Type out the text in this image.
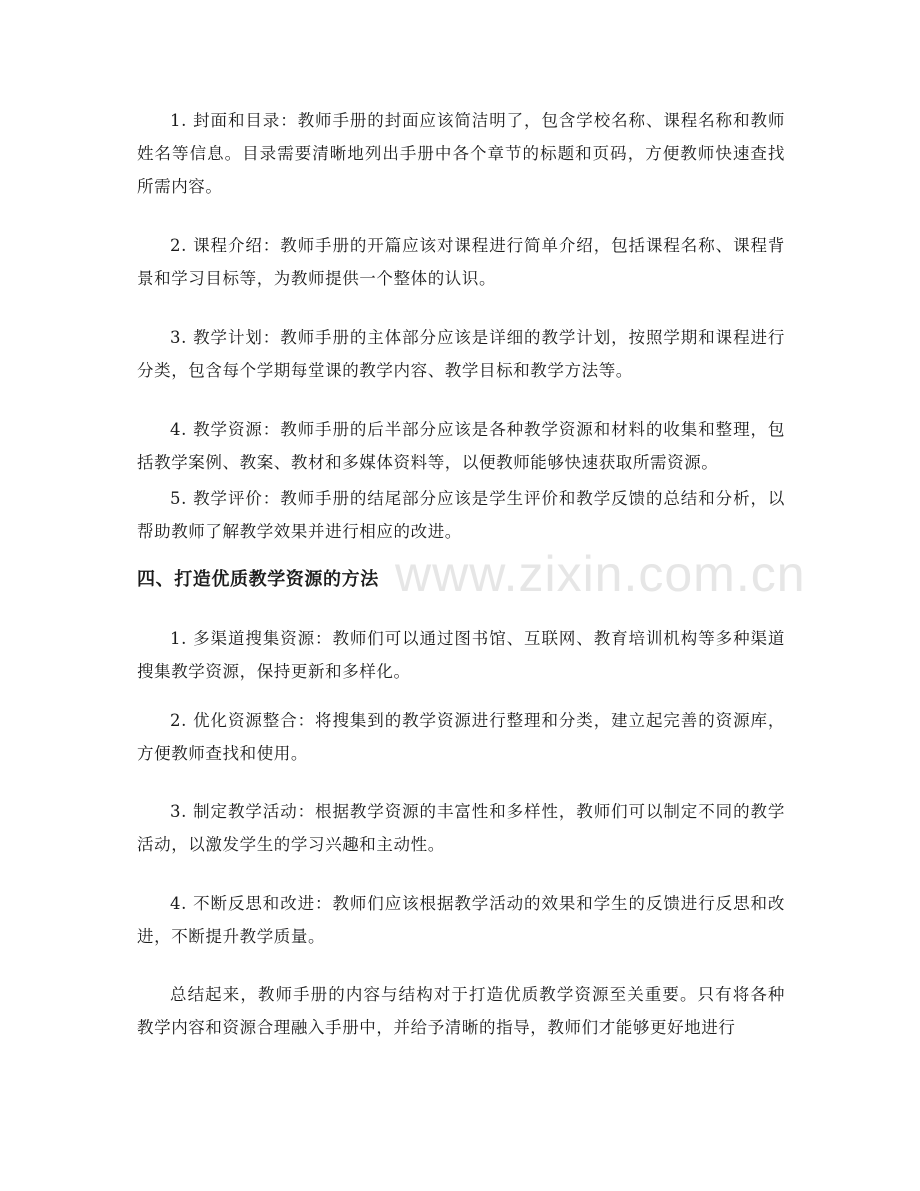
www.zixin.com.cn

1. 封面和目录：教师手册的封面应该简洁明了，包含学校名称、课程名称和教师姓名等信息。目录需要清晰地列出手册中各个章节的标题和页码，方便教师快速查找所需内容。

2. 课程介绍：教师手册的开篇应该对课程进行简单介绍，包括课程名称、课程背景和学习目标等，为教师提供一个整体的认识。

3. 教学计划：教师手册的主体部分应该是详细的教学计划，按照学期和课程进行分类，包含每个学期每堂课的教学内容、教学目标和教学方法等。

4. 教学资源：教师手册的后半部分应该是各种教学资源和材料的收集和整理，包括教学案例、教案、教材和多媒体资料等，以便教师能够快速获取所需资源。

5. 教学评价：教师手册的结尾部分应该是学生评价和教学反馈的总结和分析，以帮助教师了解教学效果并进行相应的改进。

四、打造优质教学资源的方法

1. 多渠道搜集资源：教师们可以通过图书馆、互联网、教育培训机构等多种渠道搜集教学资源，保持更新和多样化。

2. 优化资源整合：将搜集到的教学资源进行整理和分类，建立起完善的资源库，方便教师查找和使用。

3. 制定教学活动：根据教学资源的丰富性和多样性，教师们可以制定不同的教学活动，以激发学生的学习兴趣和主动性。

4. 不断反思和改进：教师们应该根据教学活动的效果和学生的反馈进行反思和改进，不断提升教学质量。

总结起来，教师手册的内容与结构对于打造优质教学资源至关重要。只有将各种教学内容和资源合理融入手册中，并给予清晰的指导，教师们才能够更好地进行
